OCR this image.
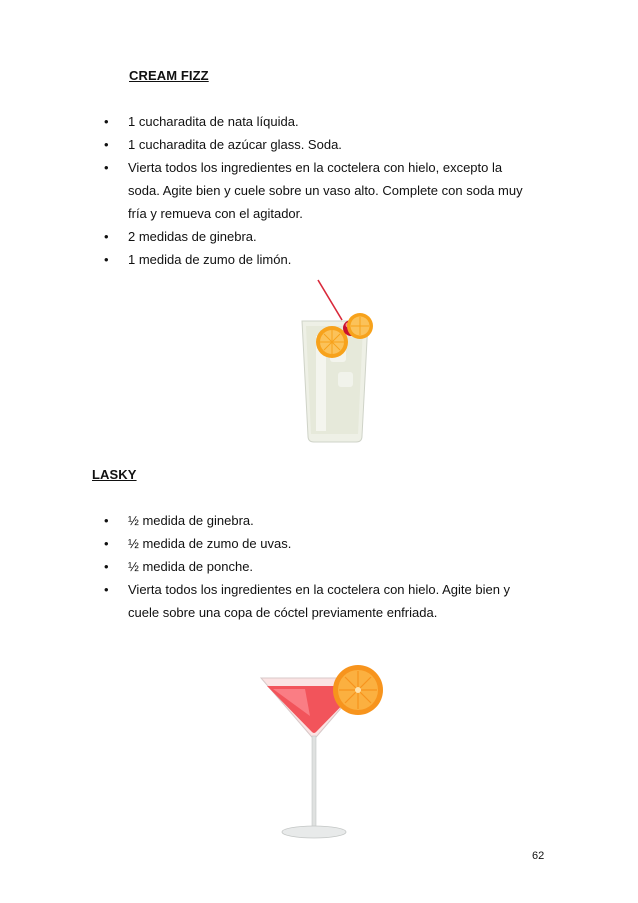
CREAM FIZZ
• 1 cucharadita de nata líquida.
• 1 cucharadita de azúcar glass. Soda.
• Vierta todos los ingredientes en la coctelera con hielo, excepto la soda. Agite bien y cuele sobre un vaso alto. Complete con soda muy fría y remueva con el agitador.
• 2 medidas de ginebra.
• 1 medida de zumo de limón.
LASKY
• ½ medida de ginebra.
• ½ medida de zumo de uvas.
• ½ medida de ponche.
• Vierta todos los ingredientes en la coctelera con hielo. Agite bien y cuele sobre una copa de cóctel previamente enfriada.
62
